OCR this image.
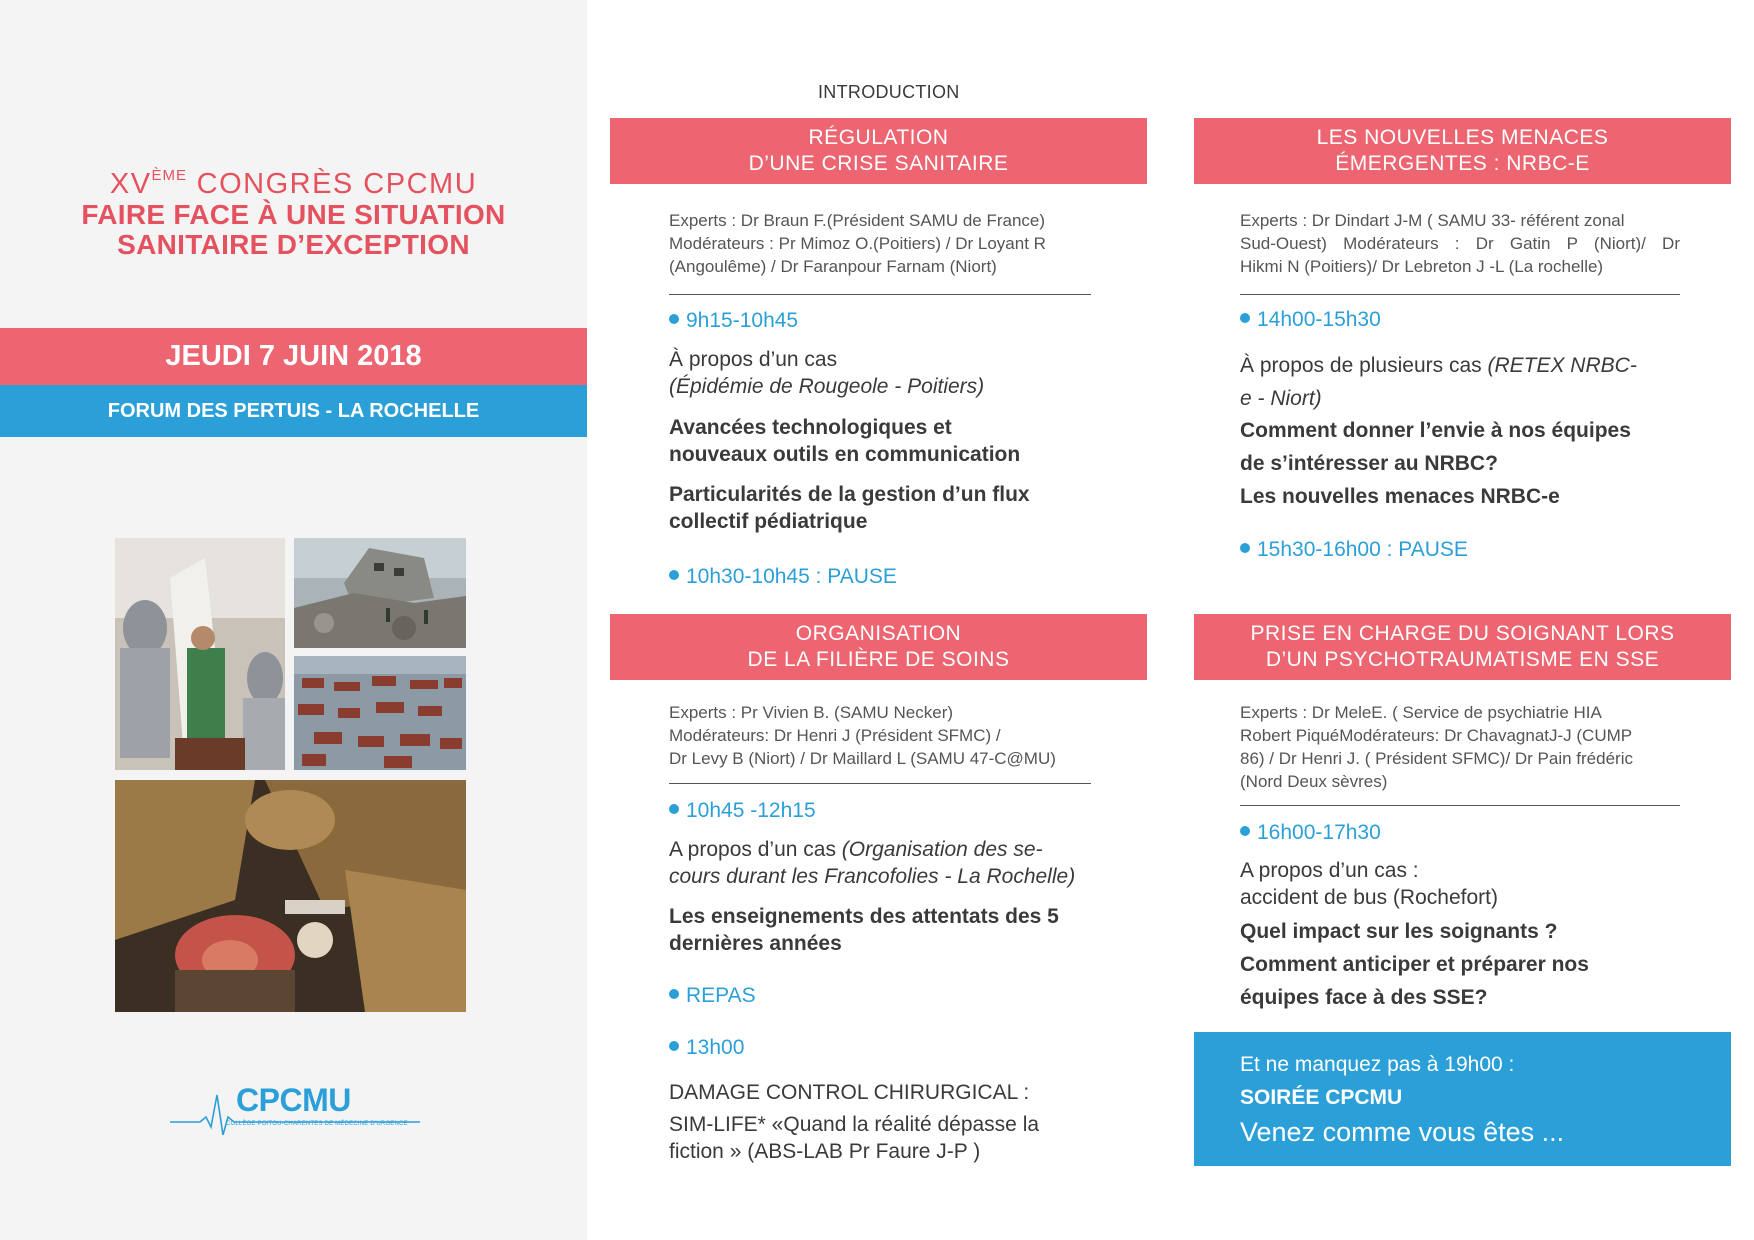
XVÈME CONGRÈS CPCMU
FAIRE FACE À UNE SITUATION
SANITAIRE D’EXCEPTION
JEUDI 7 JUIN 2018
FORUM DES PERTUIS - LA ROCHELLE
CPCMU
COLLÈGE POITOU-CHARENTES DE MÉDECINE D’URGENCE
INTRODUCTION
RÉGULATION
D’UNE CRISE SANITAIRE
Experts : Dr Braun F.(Président SAMU de France)
Modérateurs : Pr Mimoz O.(Poitiers) / Dr Loyant R
(Angoulême) / Dr Faranpour Farnam (Niort)
9h15-10h45
À propos d’un cas
(Épidémie de Rougeole - Poitiers)
Avancées technologiques et
nouveaux outils en communication
Particularités de la gestion d’un flux
collectif pédiatrique
10h30-10h45 : PAUSE
ORGANISATION
DE LA FILIÈRE DE SOINS
Experts : Pr Vivien B. (SAMU Necker)
Modérateurs: Dr Henri J (Président SFMC) /
Dr Levy B (Niort) / Dr Maillard L (SAMU 47-C@MU)
10h45 -12h15
A propos d’un cas (Organisation des se-
cours durant les Francofolies - La Rochelle)
Les enseignements des attentats des 5
dernières années
REPAS
13h00
DAMAGE CONTROL CHIRURGICAL :
SIM-LIFE* «Quand la réalité dépasse la
fiction » (ABS-LAB Pr Faure J-P )
LES NOUVELLES MENACES
ÉMERGENTES : NRBC-E
Experts : Dr Dindart J-M ( SAMU 33- référent zonal
Sud-Ouest) Modérateurs : Dr Gatin P (Niort)/ Dr
Hikmi N (Poitiers)/ Dr Lebreton J -L (La rochelle)
14h00-15h30
À propos de plusieurs cas (RETEX NRBC-
e - Niort)
Comment donner l’envie à nos équipes
de s’intéresser au NRBC?
Les nouvelles menaces NRBC-e
15h30-16h00 : PAUSE
PRISE EN CHARGE DU SOIGNANT LORS
D’UN PSYCHOTRAUMATISME EN SSE
Experts : Dr MeleE. ( Service de psychiatrie HIA
Robert PiquéModérateurs: Dr ChavagnatJ-J (CUMP
86) / Dr Henri J. ( Président SFMC)/ Dr Pain frédéric
(Nord Deux sèvres)
16h00-17h30
A propos d’un cas :
accident de bus (Rochefort)
Quel impact sur les soignants ?
Comment anticiper et préparer nos
équipes face à des SSE?
Et ne manquez pas à 19h00 :
SOIRÉE CPCMU
Venez comme vous êtes ...
